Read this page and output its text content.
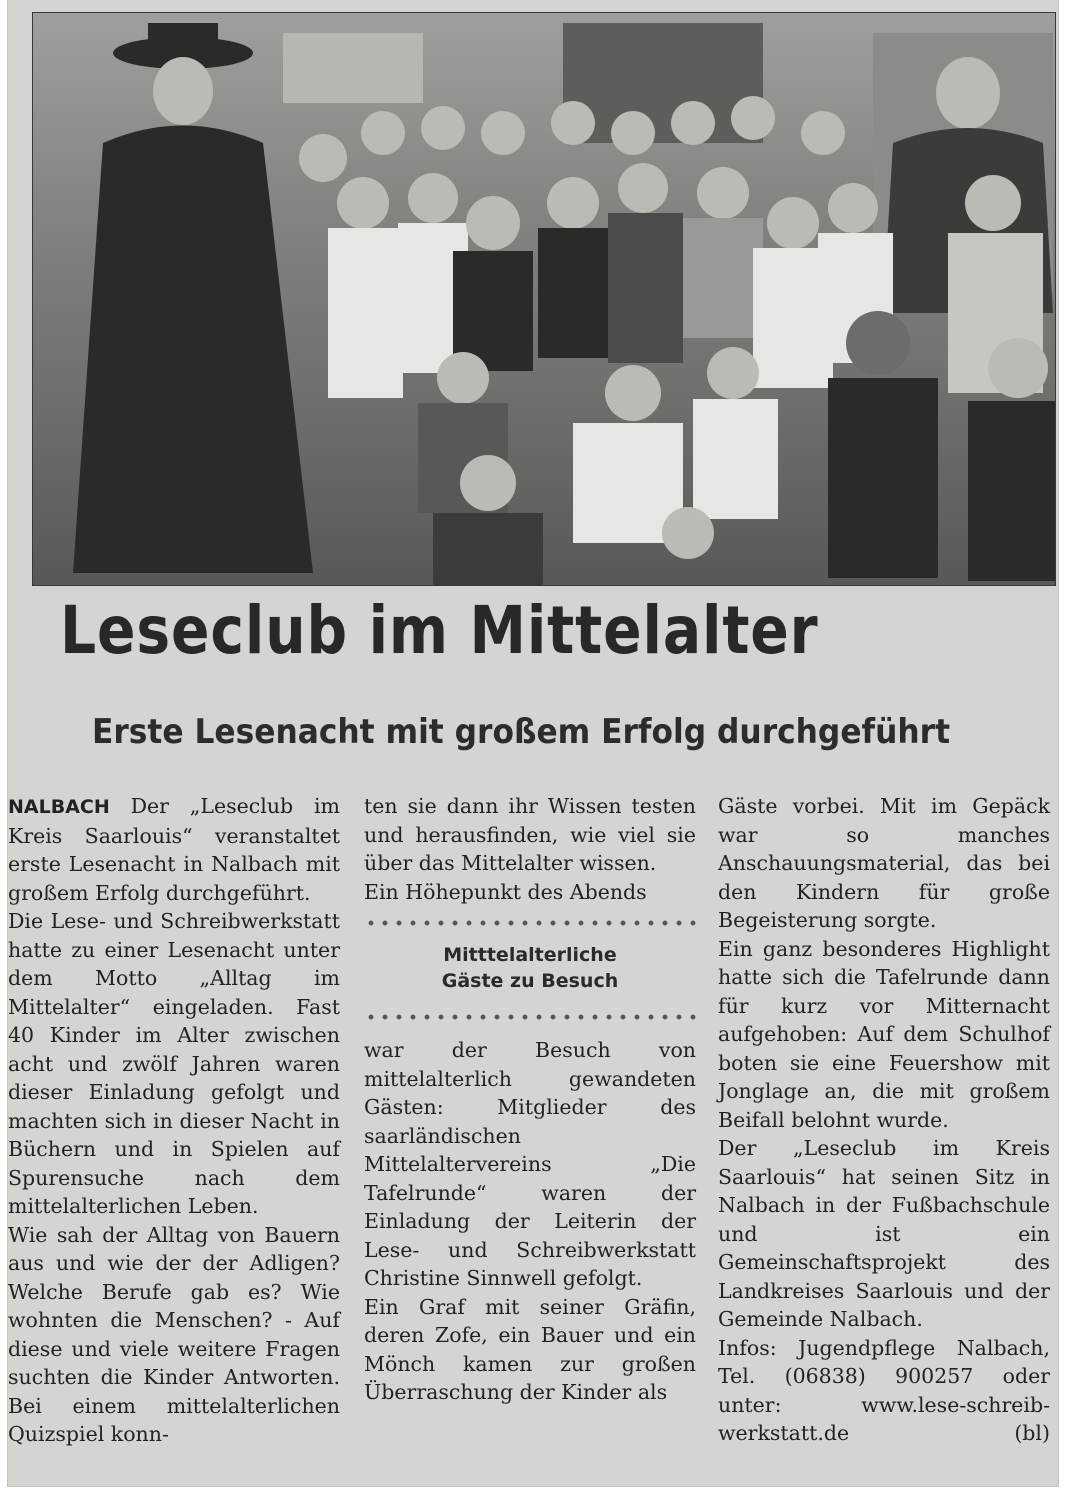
Leseclub im Mittelalter
Erste Lesenacht mit großem Erfolg durchgeführt

NALBACH Der „Leseclub im Kreis Saarlouis“ veranstaltet erste Lesenacht in Nalbach mit großem Erfolg durchgeführt.

Die Lese- und Schreibwerkstatt hatte zu einer Lesenacht unter dem Motto „Alltag im Mittelalter“ eingeladen. Fast 40 Kinder im Alter zwischen acht und zwölf Jahren waren dieser Einladung gefolgt und machten sich in dieser Nacht in Büchern und in Spielen auf Spurensuche nach dem mittelalterlichen Leben.

Wie sah der Alltag von Bauern aus und wie der der Adligen? Welche Berufe gab es? Wie wohnten die Menschen? - Auf diese und viele weitere Fragen suchten die Kinder Antworten. Bei einem mittelalterlichen Quizspiel konn-

ten sie dann ihr Wissen testen und herausfinden, wie viel sie über das Mittelalter wissen.

Ein Höhepunkt des Abends

Mitttelalterliche
Gäste zu Besuch

war der Besuch von mittelalterlich gewandeten Gästen: Mitglieder des saarländischen Mittelaltervereins „Die Tafelrunde“ waren der Einladung der Leiterin der Lese- und Schreibwerkstatt Christine Sinnwell gefolgt.

Ein Graf mit seiner Gräfin, deren Zofe, ein Bauer und ein Mönch kamen zur großen Überraschung der Kinder als

Gäste vorbei. Mit im Gepäck war so manches Anschauungsmaterial, das bei den Kindern für große Begeisterung sorgte.

Ein ganz besonderes Highlight hatte sich die Tafelrunde dann für kurz vor Mitternacht aufgehoben: Auf dem Schulhof boten sie eine Feuershow mit Jonglage an, die mit großem Beifall belohnt wurde.

Der „Leseclub im Kreis Saarlouis“ hat seinen Sitz in Nalbach in der Fußbachschule und ist ein Gemeinschaftsprojekt des Landkreises Saarlouis und der Gemeinde Nalbach.

Infos: Jugendpflege Nalbach, Tel. (06838) 900257 oder unter: www.lese-schreib-werkstatt.de	(bl)
